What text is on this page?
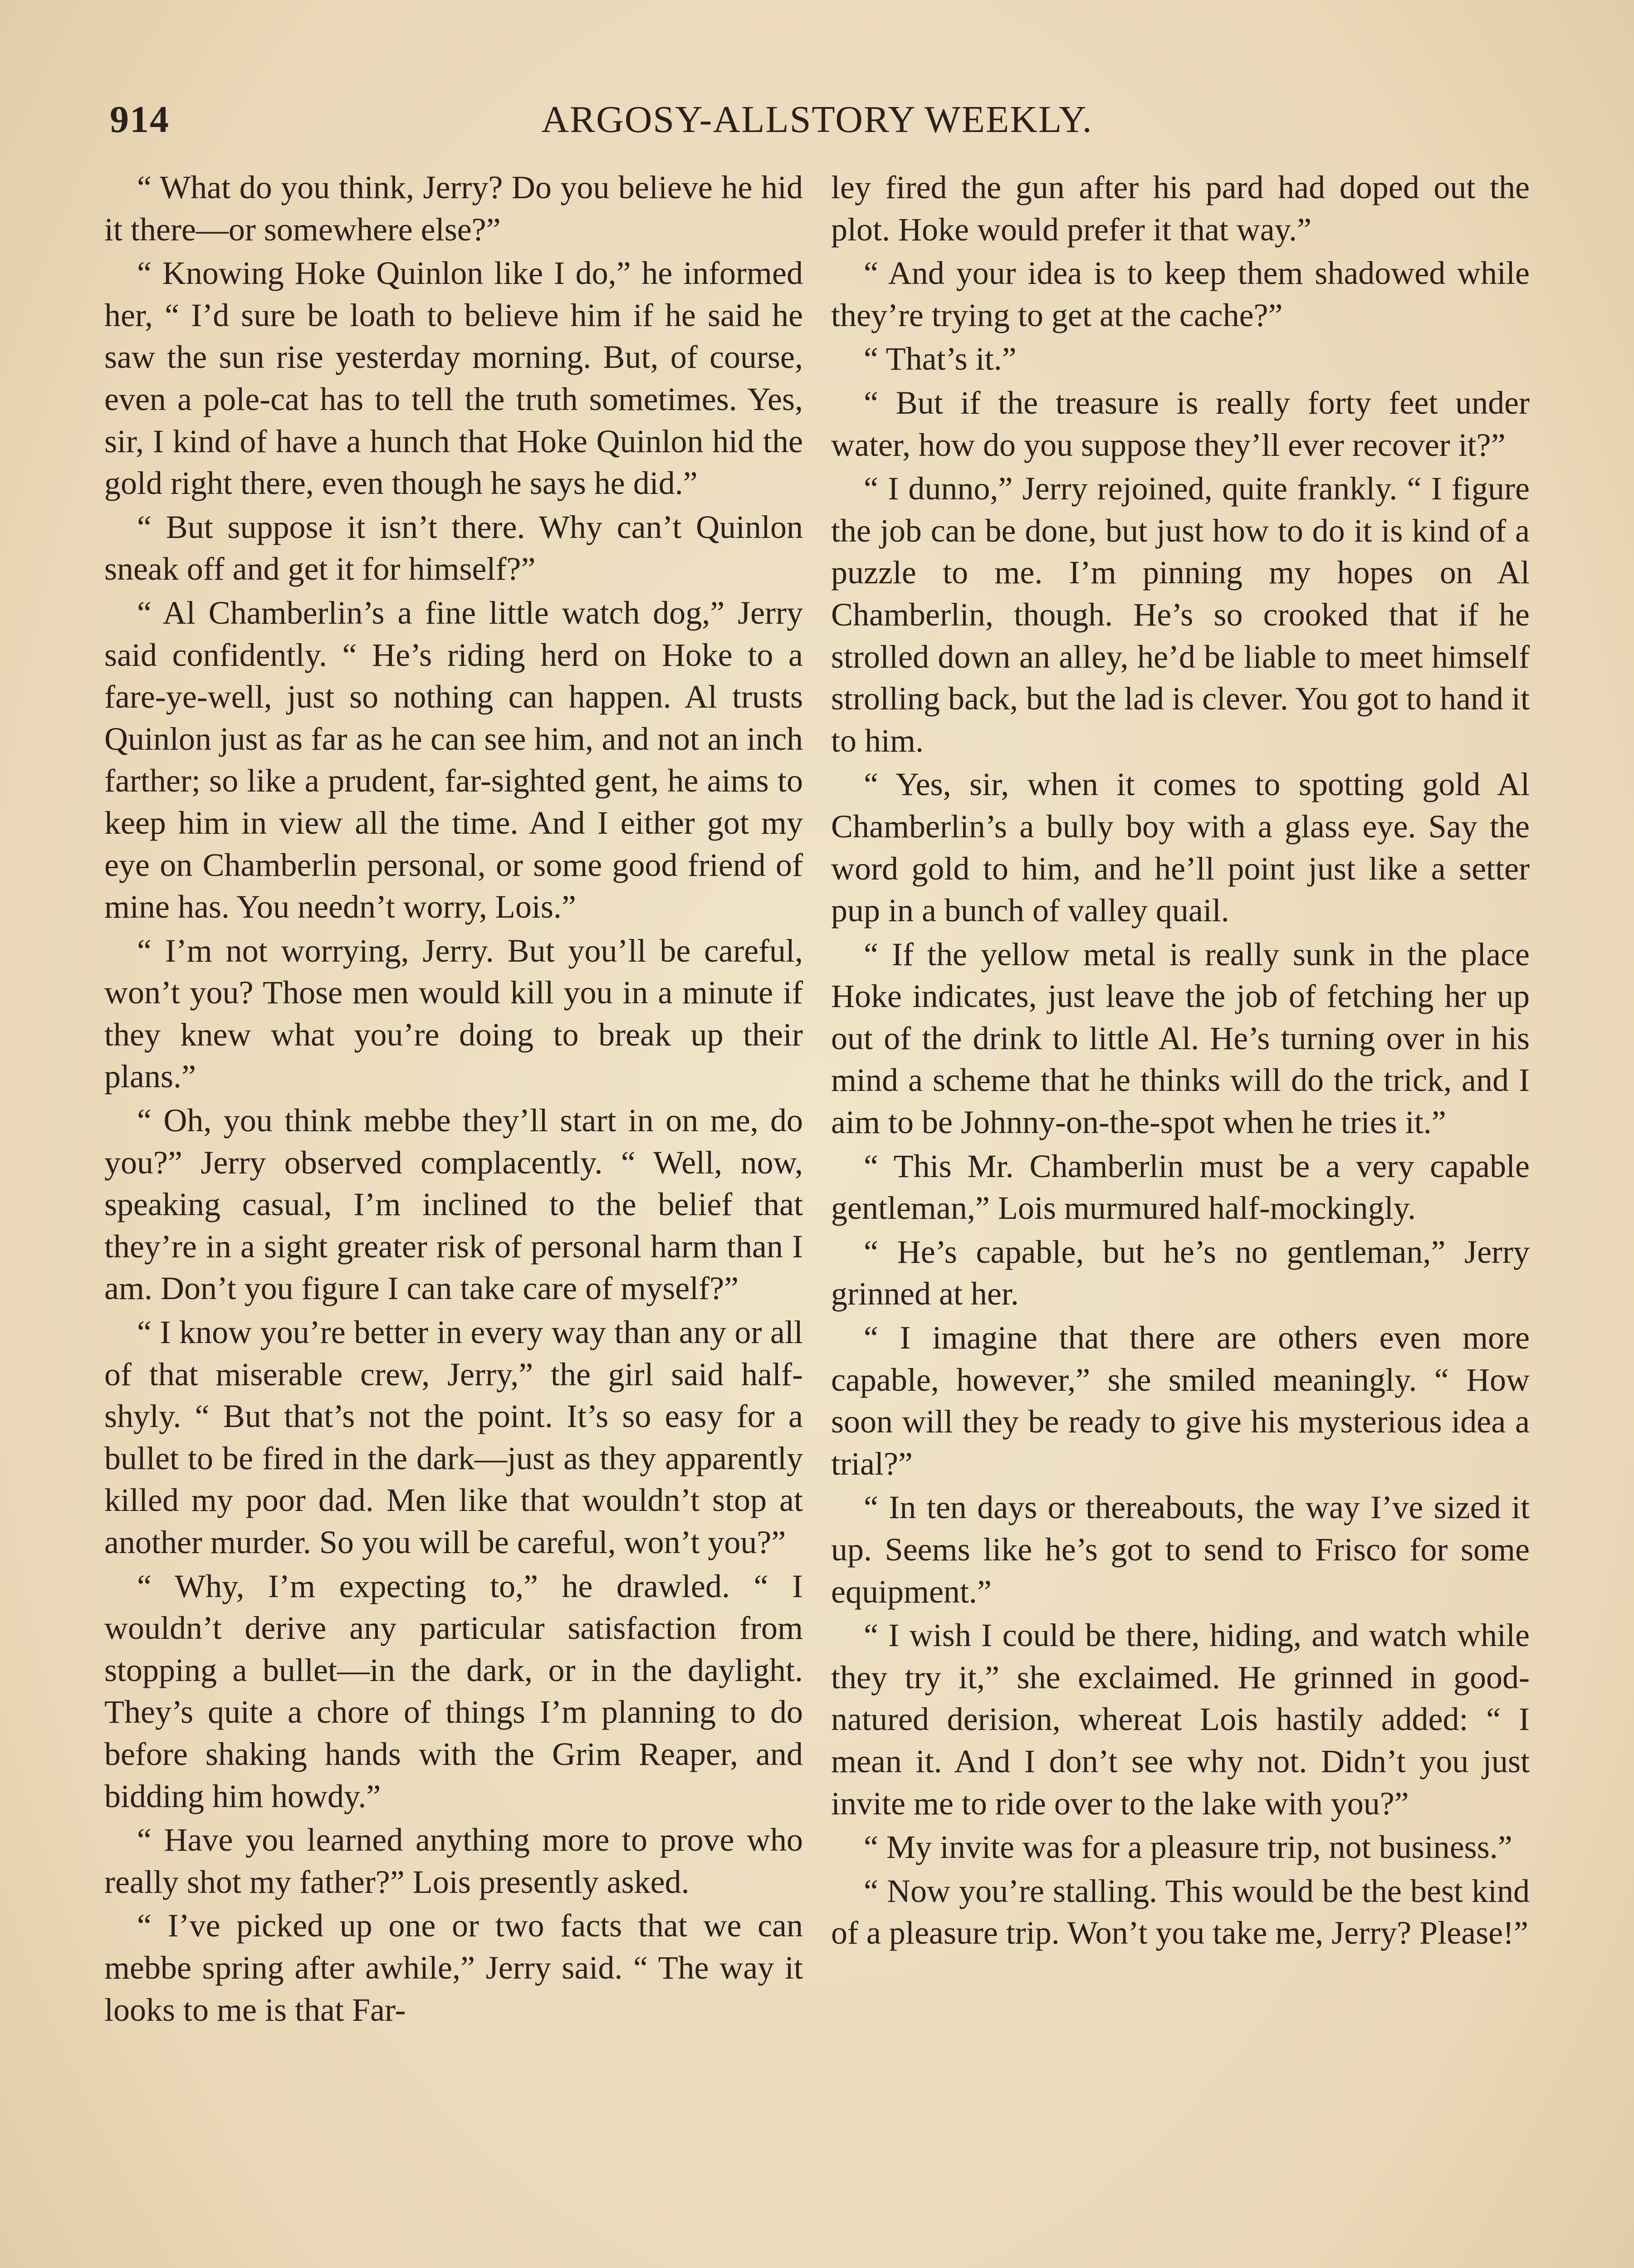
914	ARGOSY-ALLSTORY WEEKLY.

“ What do you think, Jerry? Do you believe he hid it there—or somewhere else?”

“ Knowing Hoke Quinlon like I do,” he informed her, “ I’d sure be loath to believe him if he said he saw the sun rise yesterday morning. But, of course, even a pole-cat has to tell the truth sometimes. Yes, sir, I kind of have a hunch that Hoke Quinlon hid the gold right there, even though he says he did.”

“ But suppose it isn’t there. Why can’t Quinlon sneak off and get it for himself?”

“ Al Chamberlin’s a fine little watch dog,” Jerry said confidently. “ He’s riding herd on Hoke to a fare-ye-well, just so nothing can happen. Al trusts Quinlon just as far as he can see him, and not an inch farther; so like a prudent, far-sighted gent, he aims to keep him in view all the time. And I either got my eye on Chamberlin personal, or some good friend of mine has. You needn’t worry, Lois.”

“ I’m not worrying, Jerry. But you’ll be careful, won’t you? Those men would kill you in a minute if they knew what you’re doing to break up their plans.”

“ Oh, you think mebbe they’ll start in on me, do you?” Jerry observed complacently. “ Well, now, speaking casual, I’m inclined to the belief that they’re in a sight greater risk of personal harm than I am. Don’t you figure I can take care of myself?”

“ I know you’re better in every way than any or all of that miserable crew, Jerry,” the girl said half-shyly. “ But that’s not the point. It’s so easy for a bullet to be fired in the dark—just as they apparently killed my poor dad. Men like that wouldn’t stop at another murder. So you will be careful, won’t you?”

“ Why, I’m expecting to,” he drawled. “ I wouldn’t derive any particular satisfaction from stopping a bullet—in the dark, or in the daylight. They’s quite a chore of things I’m planning to do before shaking hands with the Grim Reaper, and bidding him howdy.”

“ Have you learned anything more to prove who really shot my father?” Lois presently asked.

“ I’ve picked up one or two facts that we can mebbe spring after awhile,” Jerry said. “ The way it looks to me is that Far-

ley fired the gun after his pard had doped out the plot. Hoke would prefer it that way.”

“ And your idea is to keep them shadowed while they’re trying to get at the cache?”

“ That’s it.”

“ But if the treasure is really forty feet under water, how do you suppose they’ll ever recover it?”

“ I dunno,” Jerry rejoined, quite frankly. “ I figure the job can be done, but just how to do it is kind of a puzzle to me. I’m pinning my hopes on Al Chamberlin, though. He’s so crooked that if he strolled down an alley, he’d be liable to meet himself strolling back, but the lad is clever. You got to hand it to him.

“ Yes, sir, when it comes to spotting gold Al Chamberlin’s a bully boy with a glass eye. Say the word gold to him, and he’ll point just like a setter pup in a bunch of valley quail.

“ If the yellow metal is really sunk in the place Hoke indicates, just leave the job of fetching her up out of the drink to little Al. He’s turning over in his mind a scheme that he thinks will do the trick, and I aim to be Johnny-on-the-spot when he tries it.”

“ This Mr. Chamberlin must be a very capable gentleman,” Lois murmured half-mockingly.

“ He’s capable, but he’s no gentleman,” Jerry grinned at her.

“ I imagine that there are others even more capable, however,” she smiled meaningly. “ How soon will they be ready to give his mysterious idea a trial?”

“ In ten days or thereabouts, the way I’ve sized it up. Seems like he’s got to send to Frisco for some equipment.”

“ I wish I could be there, hiding, and watch while they try it,” she exclaimed. He grinned in good-natured derision, whereat Lois hastily added: “ I mean it. And I don’t see why not. Didn’t you just invite me to ride over to the lake with you?”

“ My invite was for a pleasure trip, not business.”

“ Now you’re stalling. This would be the best kind of a pleasure trip. Won’t you take me, Jerry? Please!”
